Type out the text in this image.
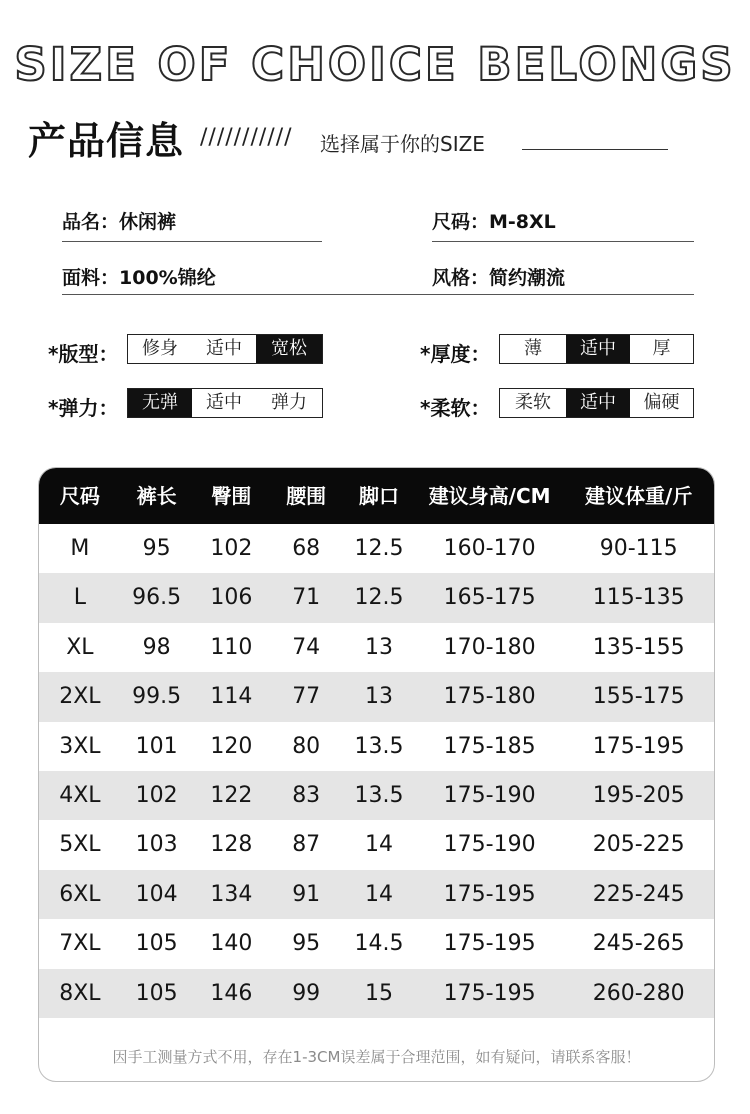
SIZE OF CHOICE BELONGS
产品信息 /////////// 选择属于你的SIZE
品名：休闲裤	尺码：M-8XL
面料：100%锦纶	风格：简约潮流
*版型：	修身	适中	宽松	*厚度：	薄	适中	厚
*弹力：	无弹	适中	弹力	*柔软：	柔软	适中	偏硬
尺码	裤长	臀围	腰围	脚口	建议身高/CM	建议体重/斤
M	95	102	68	12.5	160-170	90-115
L	96.5	106	71	12.5	165-175	115-135
XL	98	110	74	13	170-180	135-155
2XL	99.5	114	77	13	175-180	155-175
3XL	101	120	80	13.5	175-185	175-195
4XL	102	122	83	13.5	175-190	195-205
5XL	103	128	87	14	175-190	205-225
6XL	104	134	91	14	175-195	225-245
7XL	105	140	95	14.5	175-195	245-265
8XL	105	146	99	15	175-195	260-280
因手工测量方式不用，存在1-3CM误差属于合理范围，如有疑问，请联系客服！
